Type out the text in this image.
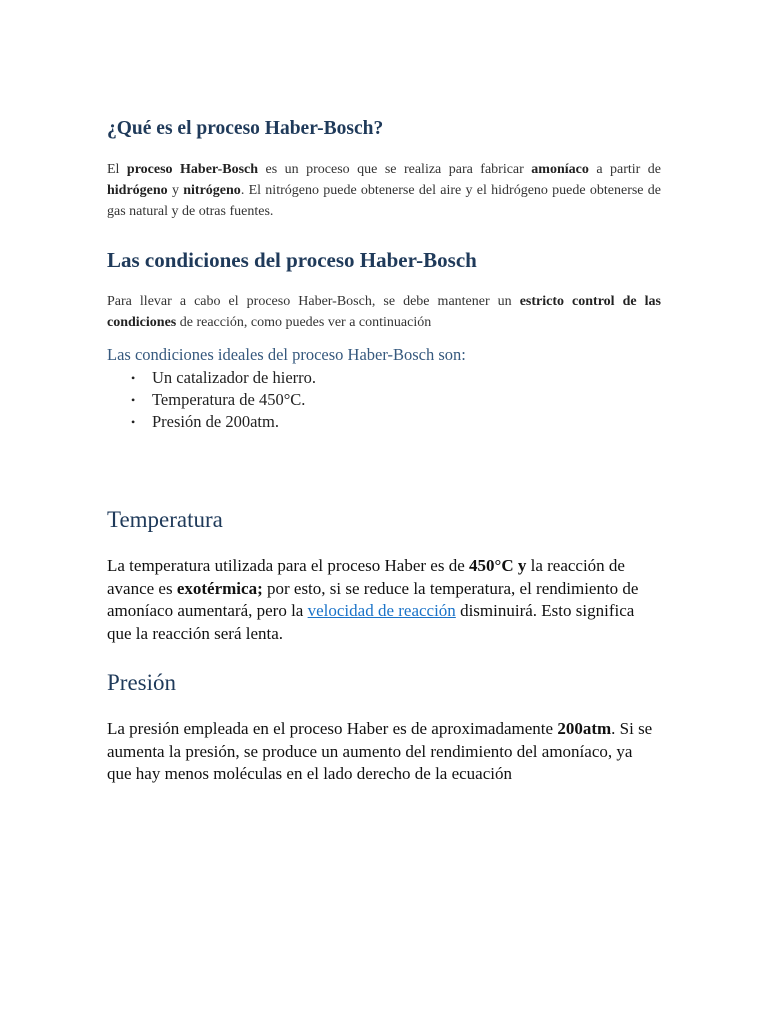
¿Qué es el proceso Haber-Bosch?

El proceso Haber-Bosch es un proceso que se realiza para fabricar amoníaco a partir de hidrógeno y nitrógeno. El nitrógeno puede obtenerse del aire y el hidrógeno puede obtenerse de gas natural y de otras fuentes.

Las condiciones del proceso Haber-Bosch

Para llevar a cabo el proceso Haber-Bosch, se debe mantener un estricto control de las condiciones de reacción, como puedes ver a continuación

Las condiciones ideales del proceso Haber-Bosch son:

• Un catalizador de hierro.
• Temperatura de 450°C.
• Presión de 200atm.
Temperatura

La temperatura utilizada para el proceso Haber es de 450°C y la reacción de avance es exotérmica; por esto, si se reduce la temperatura, el rendimiento de amoníaco aumentará, pero la velocidad de reacción disminuirá. Esto significa que la reacción será lenta.

Presión

La presión empleada en el proceso Haber es de aproximadamente 200atm. Si se aumenta la presión, se produce un aumento del rendimiento del amoníaco, ya que hay menos moléculas en el lado derecho de la ecuación
